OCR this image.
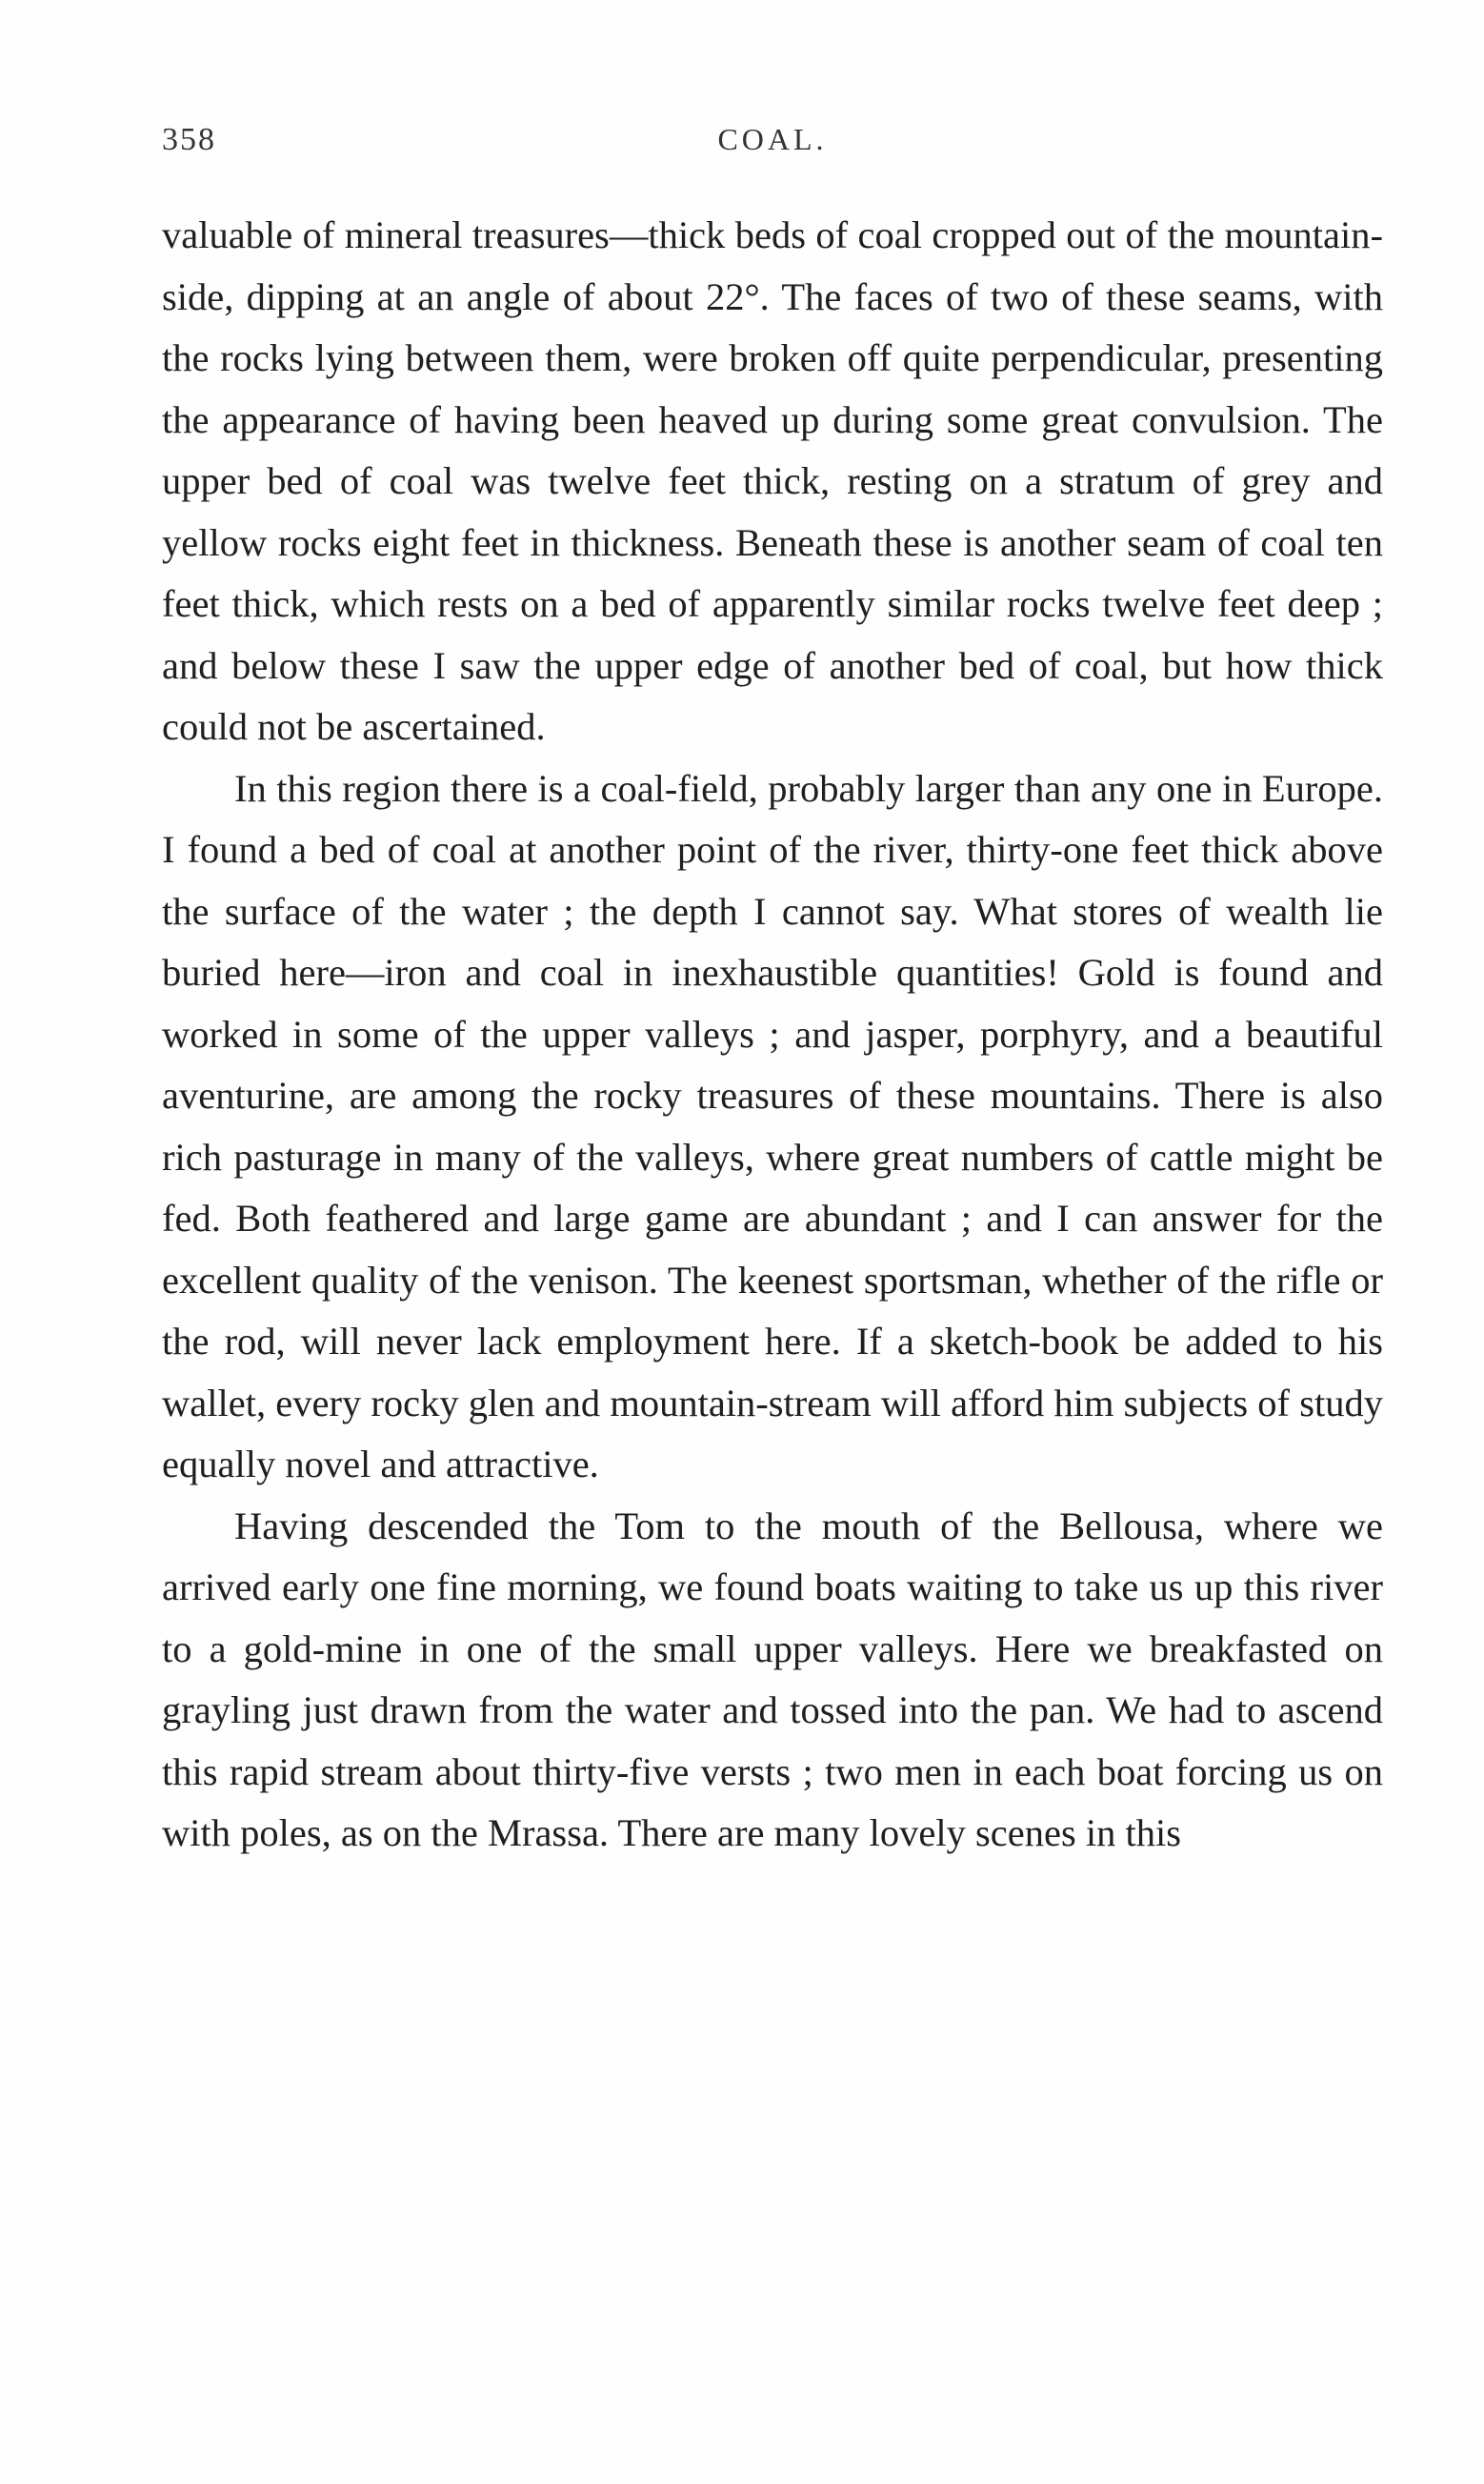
358	COAL.

valuable of mineral treasures—thick beds of coal cropped out of the mountain-side, dipping at an angle of about 22°. The faces of two of these seams, with the rocks lying between them, were broken off quite perpendicular, presenting the appearance of having been heaved up during some great convulsion. The upper bed of coal was twelve feet thick, resting on a stratum of grey and yellow rocks eight feet in thickness. Beneath these is another seam of coal ten feet thick, which rests on a bed of apparently similar rocks twelve feet deep ; and below these I saw the upper edge of another bed of coal, but how thick could not be ascertained.

In this region there is a coal-field, probably larger than any one in Europe. I found a bed of coal at another point of the river, thirty-one feet thick above the surface of the water ; the depth I cannot say. What stores of wealth lie buried here—iron and coal in inexhaustible quantities! Gold is found and worked in some of the upper valleys ; and jasper, porphyry, and a beautiful aventurine, are among the rocky treasures of these mountains. There is also rich pasturage in many of the valleys, where great numbers of cattle might be fed. Both feathered and large game are abundant ; and I can answer for the excellent quality of the venison. The keenest sportsman, whether of the rifle or the rod, will never lack employment here. If a sketch-book be added to his wallet, every rocky glen and mountain-stream will afford him subjects of study equally novel and attractive.

Having descended the Tom to the mouth of the Bellousa, where we arrived early one fine morning, we found boats waiting to take us up this river to a gold-mine in one of the small upper valleys. Here we breakfasted on grayling just drawn from the water and tossed into the pan. We had to ascend this rapid stream about thirty-five versts ; two men in each boat forcing us on with poles, as on the Mrassa. There are many lovely scenes in this
